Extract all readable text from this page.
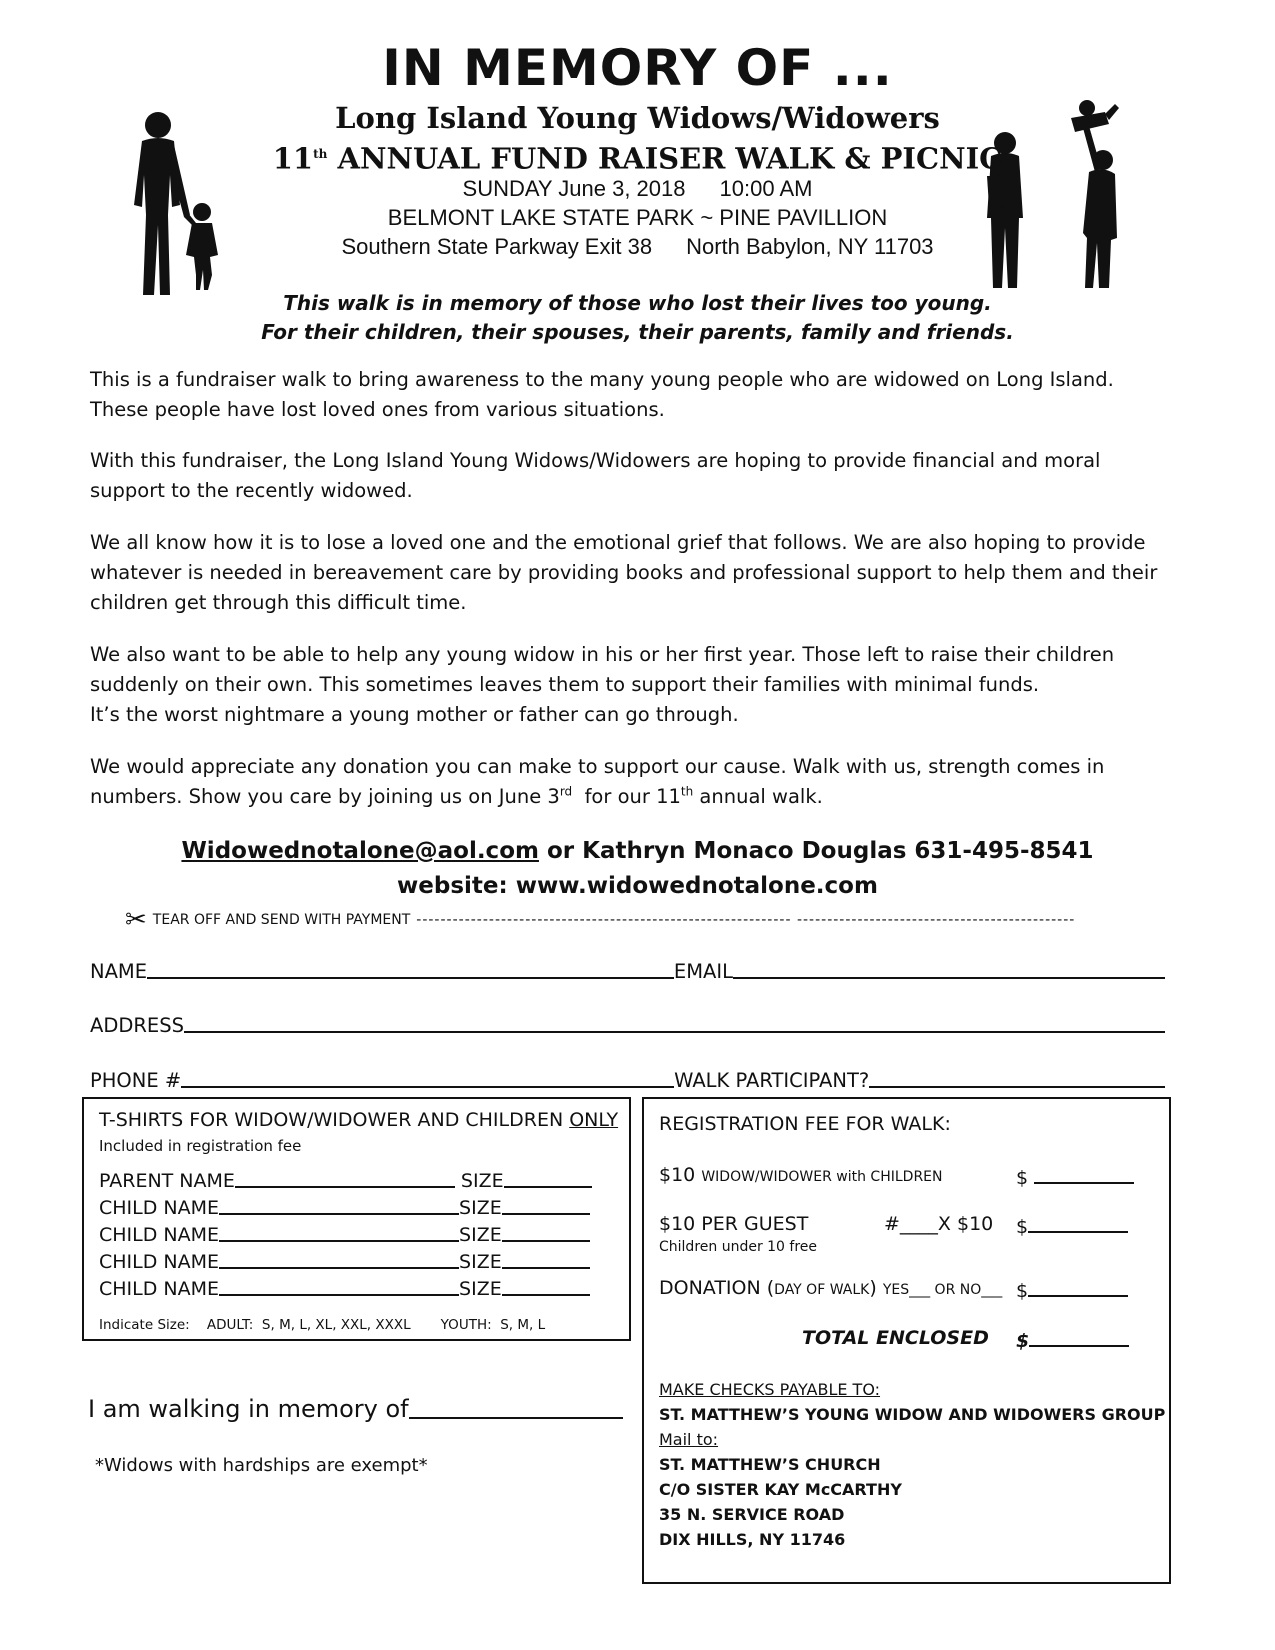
IN MEMORY OF ...
Long Island Young Widows/Widowers
11th ANNUAL FUND RAISER WALK & PICNIC
SUNDAY June 3, 2018 10:00 AM
BELMONT LAKE STATE PARK ~ PINE PAVILLION
Southern State Parkway Exit 38 North Babylon, NY 11703
This walk is in memory of those who lost their lives too young.
For their children, their spouses, their parents, family and friends.
This is a fundraiser walk to bring awareness to the many young people who are widowed on Long Island.
These people have lost loved ones from various situations.
With this fundraiser, the Long Island Young Widows/Widowers are hoping to provide financial and moral
support to the recently widowed.
We all know how it is to lose a loved one and the emotional grief that follows. We are also hoping to provide
whatever is needed in bereavement care by providing books and professional support to help them and their
children get through this difficult time.
We also want to be able to help any young widow in his or her first year. Those left to raise their children
suddenly on their own. This sometimes leaves them to support their families with minimal funds.
It’s the worst nightmare a young mother or father can go through.
We would appreciate any donation you can make to support our cause. Walk with us, strength comes in
numbers. Show you care by joining us on June 3rd  for our 11th annual walk.
Widowednotalone@aol.com or Kathryn Monaco Douglas 631-495-8541
website: www.widowednotalone.com
✂ TEAR OFF AND SEND WITH PAYMENT -------------------------------------------------------------- ----------------------------------------------
NAME	EMAIL
ADDRESS
PHONE #	WALK PARTICIPANT?
T-SHIRTS FOR WIDOW/WIDOWER AND CHILDREN ONLY
Included in registration fee
PARENT NAME	SIZE
CHILD NAME	SIZE
CHILD NAME	SIZE
CHILD NAME	SIZE
CHILD NAME	SIZE
Indicate Size:    ADULT:  S, M, L, XL, XXL, XXXL       YOUTH:  S, M, L
REGISTRATION FEE FOR WALK:
$10 WIDOW/WIDOWER with CHILDREN	$
$10 PER GUEST	#____X $10 $
Children under 10 free
DONATION (DAY OF WALK) YES___ OR NO___ $
TOTAL ENCLOSED $
MAKE CHECKS PAYABLE TO:
ST. MATTHEW’S YOUNG WIDOW AND WIDOWERS GROUP
Mail to:
ST. MATTHEW’S CHURCH
C/O SISTER KAY McCARTHY
35 N. SERVICE ROAD
DIX HILLS, NY 11746
I am walking in memory of
*Widows with hardships are exempt*
